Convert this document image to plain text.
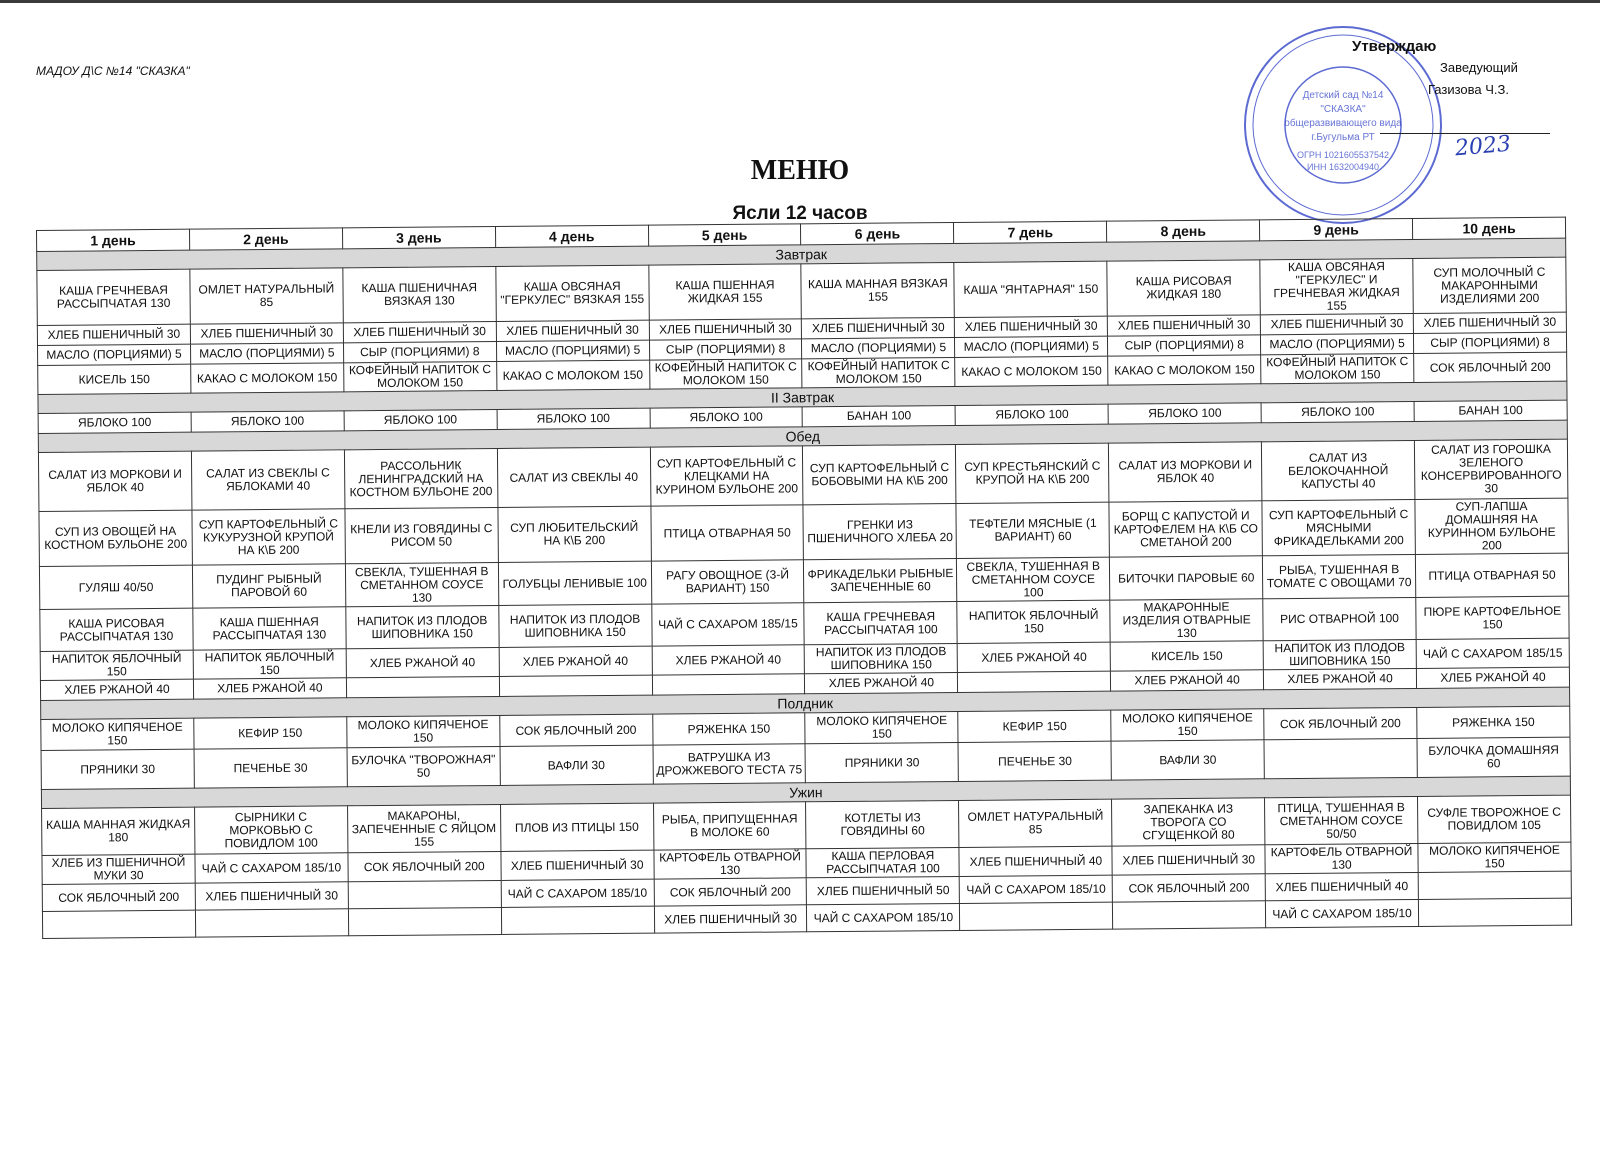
МАДОУ Д\С №14 "СКАЗКА"
Детский сад №14
"СКАЗКА"
общеразвивающего вида
г.Бугульма РТ
ОГРН 1021605537542
ИНН 1632004940
Утверждаю
Заведующий
Газизова Ч.З.
2023
МЕНЮ
Ясли 12 часов
1 день	2 день	3 день	4 день	5 день	6 день	7 день	8 день	9 день	10 день
Завтрак									
КАША ГРЕЧНЕВАЯ РАССЫПЧАТАЯ 130	ОМЛЕТ НАТУРАЛЬНЫЙ 85	КАША ПШЕНИЧНАЯ ВЯЗКАЯ 130	КАША ОВСЯНАЯ "ГЕРКУЛЕС" ВЯЗКАЯ 155	КАША ПШЕННАЯ ЖИДКАЯ 155	КАША МАННАЯ ВЯЗКАЯ 155	КАША "ЯНТАРНАЯ" 150	КАША РИСОВАЯ ЖИДКАЯ 180	КАША ОВСЯНАЯ "ГЕРКУЛЕС" И ГРЕЧНЕВАЯ ЖИДКАЯ 155	СУП МОЛОЧНЫЙ С МАКАРОННЫМИ ИЗДЕЛИЯМИ 200
ХЛЕБ ПШЕНИЧНЫЙ 30	ХЛЕБ ПШЕНИЧНЫЙ 30	ХЛЕБ ПШЕНИЧНЫЙ 30	ХЛЕБ ПШЕНИЧНЫЙ 30	ХЛЕБ ПШЕНИЧНЫЙ 30	ХЛЕБ ПШЕНИЧНЫЙ 30	ХЛЕБ ПШЕНИЧНЫЙ 30	ХЛЕБ ПШЕНИЧНЫЙ 30	ХЛЕБ ПШЕНИЧНЫЙ 30	ХЛЕБ ПШЕНИЧНЫЙ 30
МАСЛО (ПОРЦИЯМИ) 5	МАСЛО (ПОРЦИЯМИ) 5	СЫР (ПОРЦИЯМИ) 8	МАСЛО (ПОРЦИЯМИ) 5	СЫР (ПОРЦИЯМИ) 8	МАСЛО (ПОРЦИЯМИ) 5	МАСЛО (ПОРЦИЯМИ) 5	СЫР (ПОРЦИЯМИ) 8	МАСЛО (ПОРЦИЯМИ) 5	СЫР (ПОРЦИЯМИ) 8
КИСЕЛЬ 150	КАКАО С МОЛОКОМ 150	КОФЕЙНЫЙ НАПИТОК С МОЛОКОМ 150	КАКАО С МОЛОКОМ 150	КОФЕЙНЫЙ НАПИТОК С МОЛОКОМ 150	КОФЕЙНЫЙ НАПИТОК С МОЛОКОМ 150	КАКАО С МОЛОКОМ 150	КАКАО С МОЛОКОМ 150	КОФЕЙНЫЙ НАПИТОК С МОЛОКОМ 150	СОК ЯБЛОЧНЫЙ 200
II Завтрак									
ЯБЛОКО 100	ЯБЛОКО 100	ЯБЛОКО 100	ЯБЛОКО 100	ЯБЛОКО 100	БАНАН 100	ЯБЛОКО 100	ЯБЛОКО 100	ЯБЛОКО 100	БАНАН 100
Обед									
САЛАТ ИЗ МОРКОВИ И ЯБЛОК 40	САЛАТ ИЗ СВЕКЛЫ С ЯБЛОКАМИ 40	РАССОЛЬНИК ЛЕНИНГРАДСКИЙ НА КОСТНОМ БУЛЬОНЕ 200	САЛАТ ИЗ СВЕКЛЫ 40	СУП КАРТОФЕЛЬНЫЙ С КЛЕЦКАМИ НА КУРИНОМ БУЛЬОНЕ 200	СУП КАРТОФЕЛЬНЫЙ С БОБОВЫМИ НА К\Б 200	СУП КРЕСТЬЯНСКИЙ С КРУПОЙ НА К\Б 200	САЛАТ ИЗ МОРКОВИ И ЯБЛОК 40	САЛАТ ИЗ БЕЛОКОЧАННОЙ КАПУСТЫ 40	САЛАТ ИЗ ГОРОШКА ЗЕЛЕНОГО КОНСЕРВИРОВАННОГО 30
СУП ИЗ ОВОЩЕЙ НА КОСТНОМ БУЛЬОНЕ 200	СУП КАРТОФЕЛЬНЫЙ С КУКУРУЗНОЙ КРУПОЙ НА К\Б 200	КНЕЛИ ИЗ ГОВЯДИНЫ С РИСОМ 50	СУП ЛЮБИТЕЛЬСКИЙ НА К\Б 200	ПТИЦА ОТВАРНАЯ 50	ГРЕНКИ ИЗ ПШЕНИЧНОГО ХЛЕБА 20	ТЕФТЕЛИ МЯСНЫЕ (1 ВАРИАНТ) 60	БОРЩ С КАПУСТОЙ И КАРТОФЕЛЕМ НА К\Б СО СМЕТАНОЙ 200	СУП КАРТОФЕЛЬНЫЙ С МЯСНЫМИ ФРИКАДЕЛЬКАМИ 200	СУП-ЛАПША ДОМАШНЯЯ НА КУРИННОМ БУЛЬОНЕ 200
ГУЛЯШ 40/50	ПУДИНГ РЫБНЫЙ ПАРОВОЙ 60	СВЕКЛА, ТУШЕННАЯ В СМЕТАННОМ СОУСЕ 130	ГОЛУБЦЫ ЛЕНИВЫЕ 100	РАГУ ОВОЩНОЕ (3-Й ВАРИАНТ) 150	ФРИКАДЕЛЬКИ РЫБНЫЕ ЗАПЕЧЕННЫЕ 60	СВЕКЛА, ТУШЕННАЯ В СМЕТАННОМ СОУСЕ 100	БИТОЧКИ ПАРОВЫЕ 60	РЫБА, ТУШЕННАЯ В ТОМАТЕ С ОВОЩАМИ 70	ПТИЦА ОТВАРНАЯ 50
КАША РИСОВАЯ РАССЫПЧАТАЯ 130	КАША ПШЕННАЯ РАССЫПЧАТАЯ 130	НАПИТОК ИЗ ПЛОДОВ ШИПОВНИКА 150	НАПИТОК ИЗ ПЛОДОВ ШИПОВНИКА 150	ЧАЙ С САХАРОМ 185/15	КАША ГРЕЧНЕВАЯ РАССЫПЧАТАЯ 100	НАПИТОК ЯБЛОЧНЫЙ 150	МАКАРОННЫЕ ИЗДЕЛИЯ ОТВАРНЫЕ 130	РИС ОТВАРНОЙ 100	ПЮРЕ КАРТОФЕЛЬНОЕ 150
НАПИТОК ЯБЛОЧНЫЙ 150	НАПИТОК ЯБЛОЧНЫЙ 150	ХЛЕБ РЖАНОЙ 40	ХЛЕБ РЖАНОЙ 40	ХЛЕБ РЖАНОЙ 40	НАПИТОК ИЗ ПЛОДОВ ШИПОВНИКА 150	ХЛЕБ РЖАНОЙ 40	КИСЕЛЬ 150	НАПИТОК ИЗ ПЛОДОВ ШИПОВНИКА 150	ЧАЙ С САХАРОМ 185/15
ХЛЕБ РЖАНОЙ 40	ХЛЕБ РЖАНОЙ 40				ХЛЕБ РЖАНОЙ 40		ХЛЕБ РЖАНОЙ 40	ХЛЕБ РЖАНОЙ 40	ХЛЕБ РЖАНОЙ 40
Полдник									
МОЛОКО КИПЯЧЕНОЕ 150	КЕФИР 150	МОЛОКО КИПЯЧЕНОЕ 150	СОК ЯБЛОЧНЫЙ 200	РЯЖЕНКА 150	МОЛОКО КИПЯЧЕНОЕ 150	КЕФИР 150	МОЛОКО КИПЯЧЕНОЕ 150	СОК ЯБЛОЧНЫЙ 200	РЯЖЕНКА 150
ПРЯНИКИ 30	ПЕЧЕНЬЕ 30	БУЛОЧКА "ТВОРОЖНАЯ" 50	ВАФЛИ 30	ВАТРУШКА ИЗ ДРОЖЖЕВОГО ТЕСТА 75	ПРЯНИКИ 30	ПЕЧЕНЬЕ 30	ВАФЛИ 30		БУЛОЧКА ДОМАШНЯЯ 60
Ужин									
КАША МАННАЯ ЖИДКАЯ 180	СЫРНИКИ С МОРКОВЬЮ С ПОВИДЛОМ 100	МАКАРОНЫ, ЗАПЕЧЕННЫЕ С ЯЙЦОМ 155	ПЛОВ ИЗ ПТИЦЫ 150	РЫБА, ПРИПУЩЕННАЯ В МОЛОКЕ 60	КОТЛЕТЫ ИЗ ГОВЯДИНЫ 60	ОМЛЕТ НАТУРАЛЬНЫЙ 85	ЗАПЕКАНКА ИЗ ТВОРОГА СО СГУЩЕНКОЙ 80	ПТИЦА, ТУШЕННАЯ В СМЕТАННОМ СОУСЕ 50/50	СУФЛЕ ТВОРОЖНОЕ С ПОВИДЛОМ 105
ХЛЕБ ИЗ ПШЕНИЧНОЙ МУКИ 30	ЧАЙ С САХАРОМ 185/10	СОК ЯБЛОЧНЫЙ 200	ХЛЕБ ПШЕНИЧНЫЙ 30	КАРТОФЕЛЬ ОТВАРНОЙ 130	КАША ПЕРЛОВАЯ РАССЫПЧАТАЯ 100	ХЛЕБ ПШЕНИЧНЫЙ 40	ХЛЕБ ПШЕНИЧНЫЙ 30	КАРТОФЕЛЬ ОТВАРНОЙ 130	МОЛОКО КИПЯЧЕНОЕ 150
СОК ЯБЛОЧНЫЙ 200	ХЛЕБ ПШЕНИЧНЫЙ 30		ЧАЙ С САХАРОМ 185/10	СОК ЯБЛОЧНЫЙ 200	ХЛЕБ ПШЕНИЧНЫЙ 50	ЧАЙ С САХАРОМ 185/10	СОК ЯБЛОЧНЫЙ 200	ХЛЕБ ПШЕНИЧНЫЙ 40	
				ХЛЕБ ПШЕНИЧНЫЙ 30	ЧАЙ С САХАРОМ 185/10			ЧАЙ С САХАРОМ 185/10	
